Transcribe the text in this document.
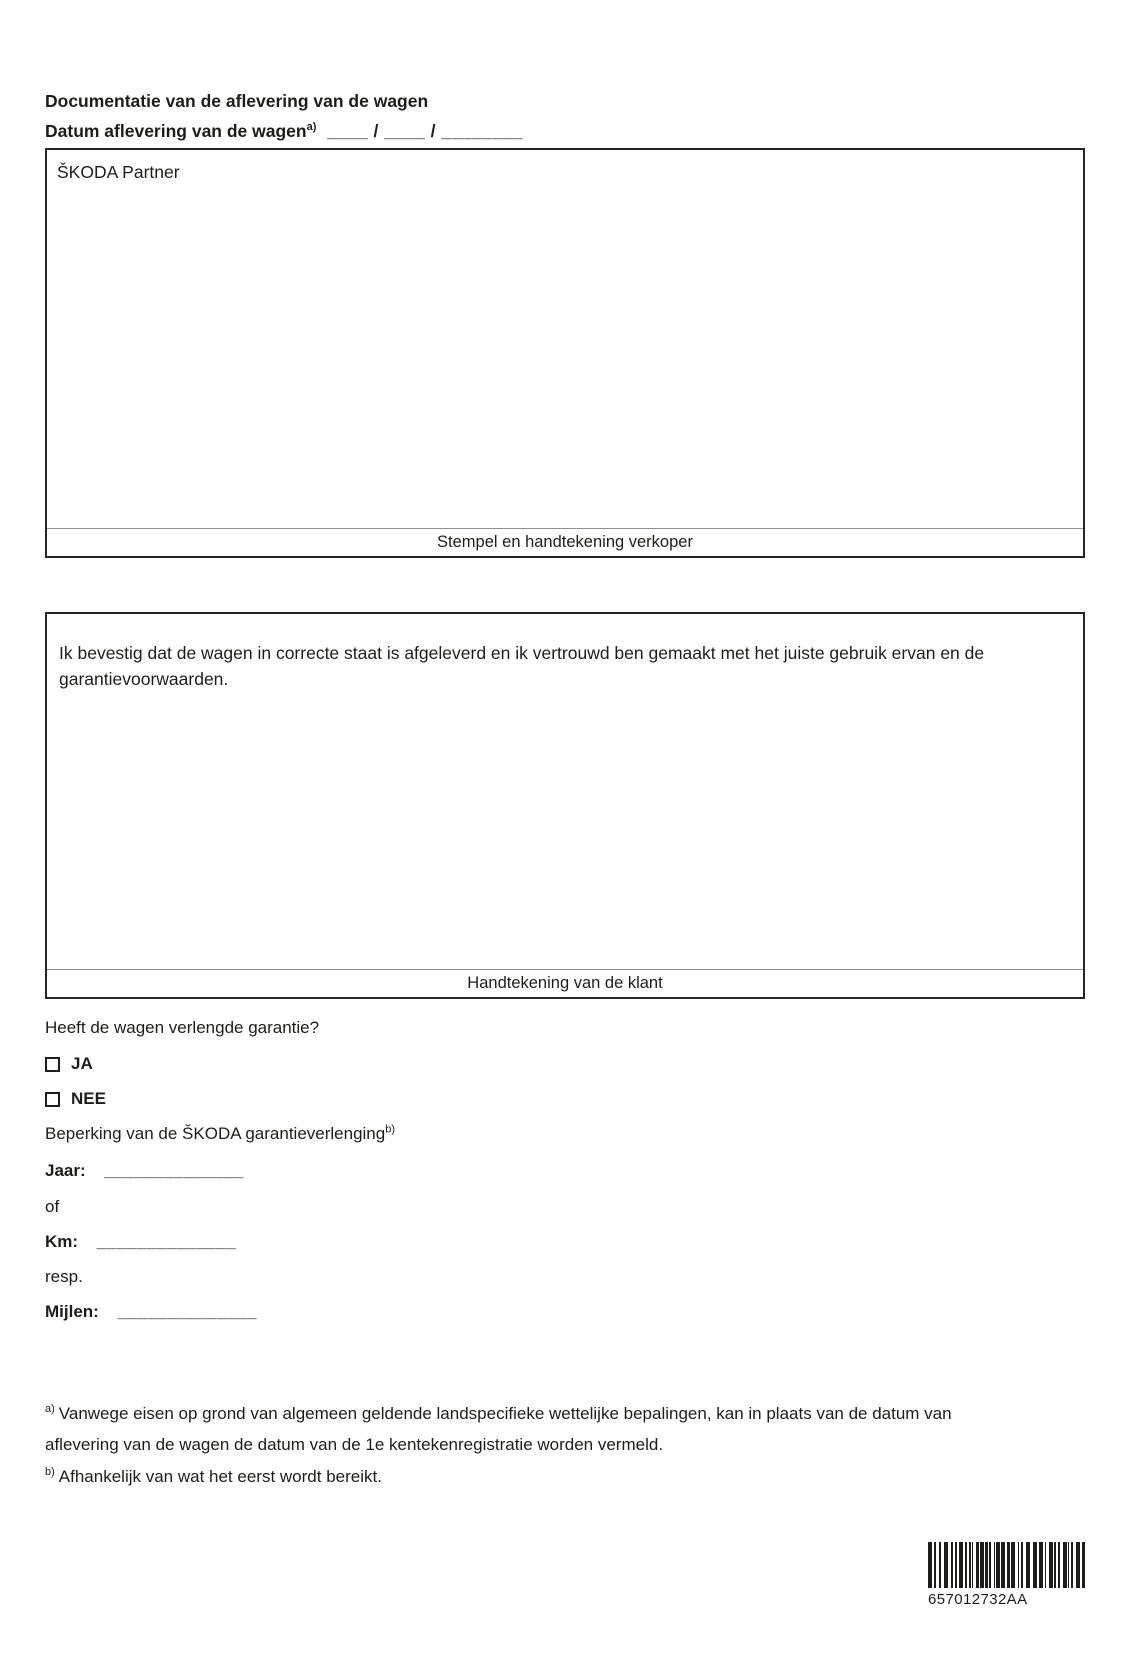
Documentatie van de aflevering van de wagen
Datum aflevering van de wagen$^{a)}$ ____ / ____ / ________
ŠKODA Partner
Stempel en handtekening verkoper

Ik bevestig dat de wagen in correcte staat is afgeleverd en ik vertrouwd ben gemaakt met het juiste gebruik ervan en de garantievoorwaarden.

Handtekening van de klant
Heeft de wagen verlengde garantie?
JA
NEE
Beperking van de ŠKODA garantieverlenging$^{b)}$
Jaar: ______________
of
Km: ______________
resp.
Mijlen: ______________
$^{a)}$ Vanwege eisen op grond van algemeen geldende landspecifieke wettelijke bepalingen, kan in plaats van de datum van aflevering van de wagen de datum van de 1e kentekenregistratie worden vermeld.
$^{b)}$ Afhankelijk van wat het eerst wordt bereikt.
657012732AA
